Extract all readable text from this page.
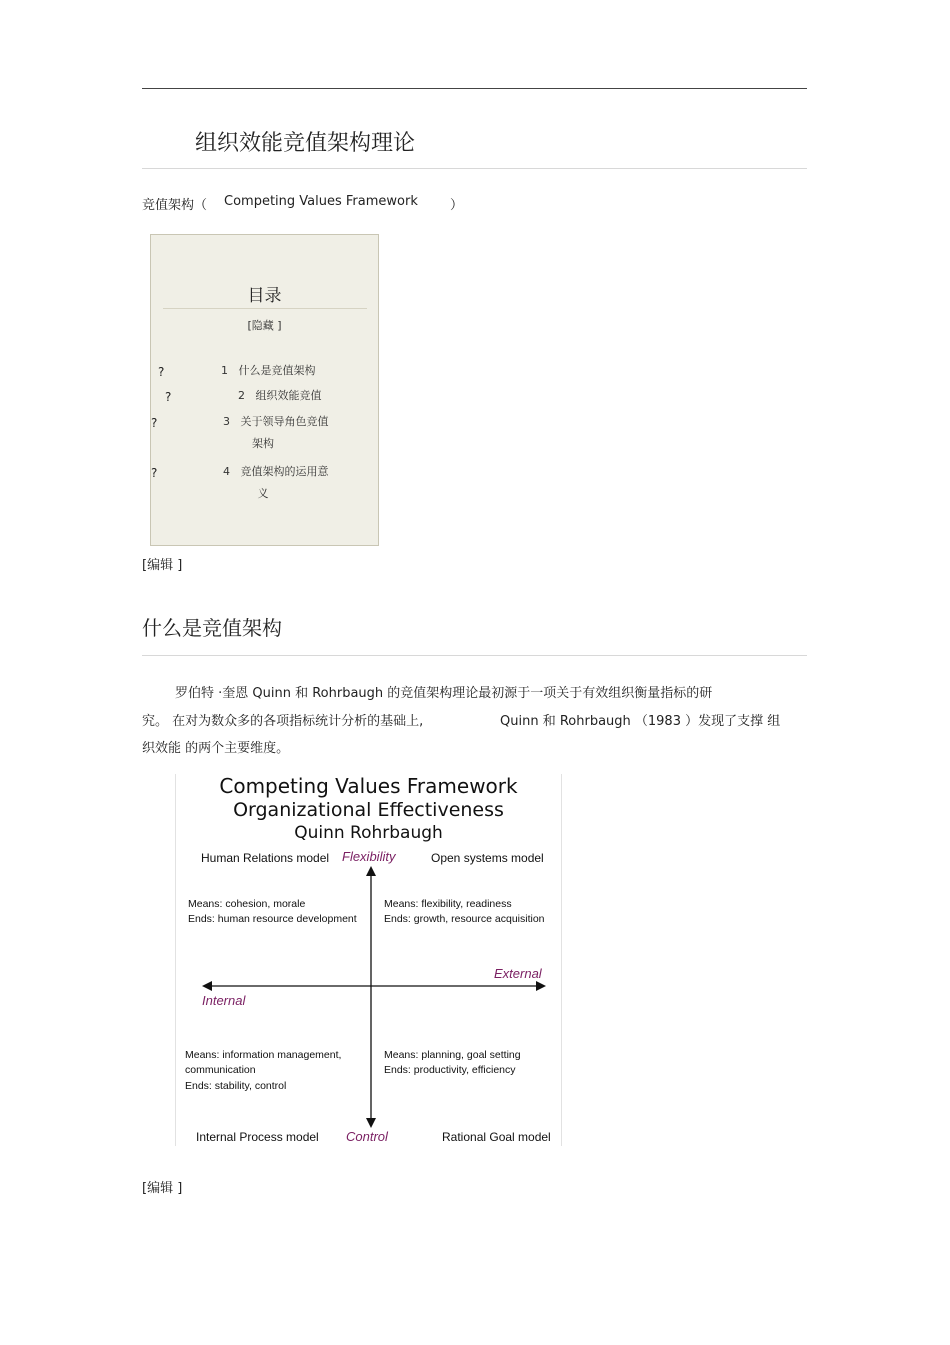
组织效能竞值架构理论
竞值架构（ Competing Values Framework ）
目录
[隐藏 ]
?	1 什么是竞值架构
?	2 组织效能竞值
?	3 关于领导角色竞值
架构
?	4 竞值架构的运用意
义
[编辑 ]
什么是竞值架构
罗伯特 ·奎恩 Quinn 和 Rohrbaugh 的竞值架构理论最初源于一项关于有效组织衡量指标的研
究。 在对为数众多的各项指标统计分析的基础上,	Quinn 和 Rohrbaugh （1983 ）发现了支撑 组
织效能 的两个主要维度。
Competing Values Framework
Organizational Effectiveness
Quinn Rohrbaugh
Human Relations model Flexibility	Open systems model
Means: cohesion, morale
Ends: human resource development
Means: flexibility, readiness
Ends: growth, resource acquisition
External
Internal
Means: information management,
communication
Ends: stability, control
Means: planning, goal setting
Ends: productivity, efficiency
Internal Process model Control	Rational Goal model
[编辑 ]
